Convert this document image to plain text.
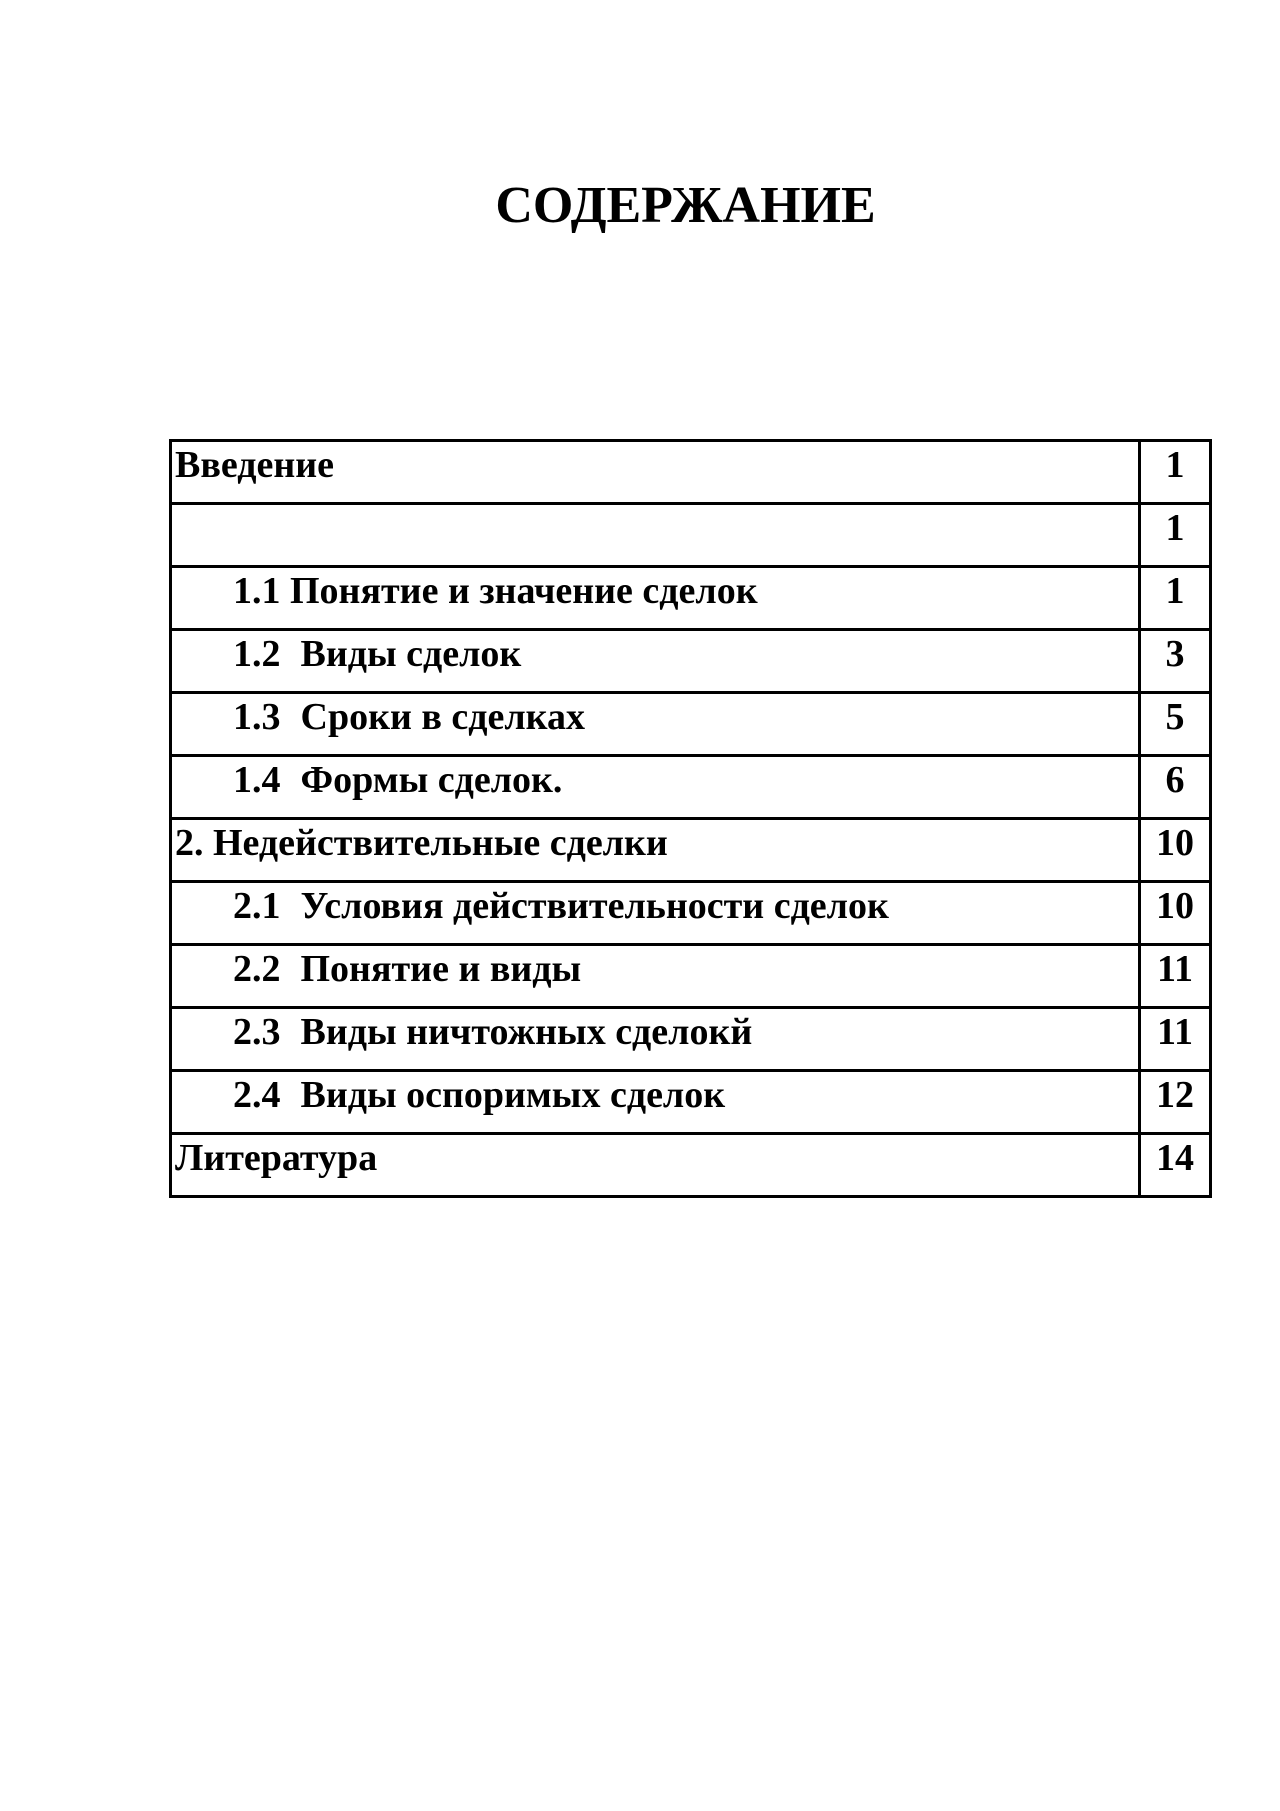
СОДЕРЖАНИЕ
Введение	1
	1
1.1 Понятие и значение сделок	1
1.2 Виды сделок	3
1.3 Сроки в сделках	5
1.4 Формы сделок.	6
2. Недействительные сделки	10
2.1 Условия действительности сделок	10
2.2 Понятие и виды	11
2.3 Виды ничтожных сделокй	11
2.4 Виды оспоримых сделок	12
Литература	14
